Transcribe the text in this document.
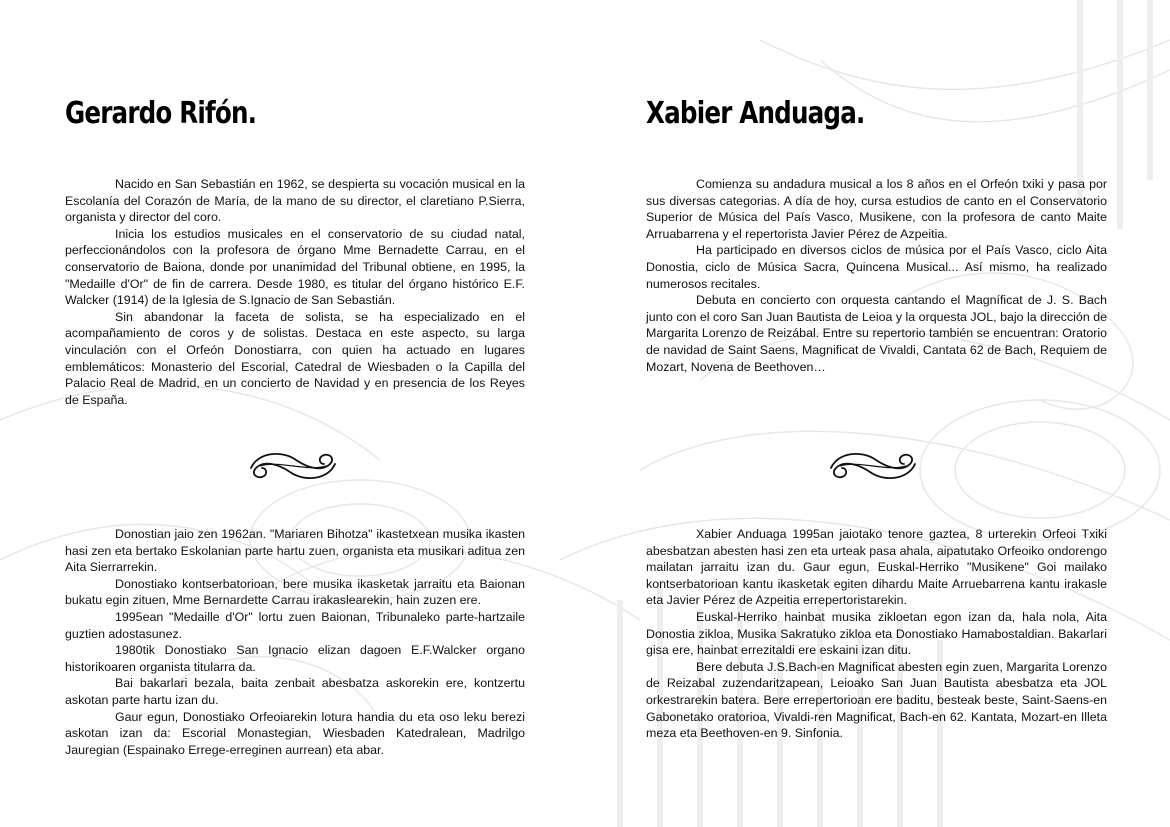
Gerardo Rifón.

Nacido en San Sebastián en 1962, se despierta su vocación musical en la Escolanía del Corazón de María, de la mano de su director, el claretiano P.Sierra, organista y director del coro.

Inicia los estudios musicales en el conservatorio de su ciudad natal, perfeccionándolos con la profesora de órgano Mme Bernadette Carrau, en el conservatorio de Baiona, donde por unanimidad del Tribunal obtiene, en 1995, la "Medaille d'Or" de fin de carrera. Desde 1980, es titular del órgano histórico E.F. Walcker (1914) de la Iglesia de S.Ignacio de San Sebastián.

Sin abandonar la faceta de solista, se ha especializado en el acompañamiento de coros y de solistas. Destaca en este aspecto, su larga vinculación con el Orfeón Donostiarra, con quien ha actuado en lugares emblemáticos: Monasterio del Escorial, Catedral de Wiesbaden o la Capilla del Palacio Real de Madrid, en un concierto de Navidad y en presencia de los Reyes de España.

Donostian jaio zen 1962an. "Mariaren Bihotza" ikastetxean musika ikasten hasi zen eta bertako Eskolanian parte hartu zuen, organista eta musikari aditua zen Aita Sierrarrekin.

Donostiako kontserbatorioan, bere musika ikasketak jarraitu eta Baionan bukatu egin zituen, Mme Bernardette Carrau irakaslearekin, hain zuzen ere.

1995ean "Medaille d'Or" lortu zuen Baionan, Tribunaleko parte-hartzaile guztien adostasunez.

1980tik Donostiako San Ignacio elizan dagoen E.F.Walcker organo historikoaren organista titularra da.

Bai bakarlari bezala, baita zenbait abesbatza askorekin ere, kontzertu askotan parte hartu izan du.

Gaur egun, Donostiako Orfeoiarekin lotura handia du eta oso leku berezi askotan izan da: Escorial Monastegian, Wiesbaden Katedralean, Madrilgo Jauregian (Espainako Errege-erreginen aurrean) eta abar.

Xabier Anduaga.

Comienza su andadura musical a los 8 años en el Orfeón txiki y pasa por sus diversas categorias. A día de hoy, cursa estudios de canto en el Conservatorio Superior de Música del País Vasco, Musikene, con la profesora de canto Maite Arruabarrena y el repertorista Javier Pérez de Azpeitia.

Ha participado en diversos ciclos de música por el País Vasco, ciclo Aita Donostia, ciclo de Música Sacra, Quincena Musical... Así mismo, ha realizado numerosos recitales.

Debuta en concierto con orquesta cantando el Magníficat de J. S. Bach junto con el coro San Juan Bautista de Leioa y la orquesta JOL, bajo la dirección de Margarita Lorenzo de Reizábal. Entre su repertorio también se encuentran: Oratorio de navidad de Saint Saens, Magnificat de Vivaldi, Cantata 62 de Bach, Requiem de Mozart, Novena de Beethoven…

Xabier Anduaga 1995an jaiotako tenore gaztea, 8 urterekin Orfeoi Txiki abesbatzan abesten hasi zen eta urteak pasa ahala, aipatutako Orfeoiko ondorengo mailatan jarraitu izan du. Gaur egun, Euskal-Herriko "Musikene" Goi mailako kontserbatorioan kantu ikasketak egiten dihardu Maite Arruebarrena kantu irakasle eta Javier Pérez de Azpeitia errepertoristarekin.

Euskal-Herriko hainbat musika zikloetan egon izan da, hala nola, Aita Donostia zikloa, Musika Sakratuko zikloa eta Donostiako Hamabostaldian. Bakarlari gisa ere, hainbat errezitaldi ere eskaini izan ditu.

Bere debuta J.S.Bach-en Magnificat abesten egin zuen, Margarita Lorenzo de Reizabal zuzendaritzapean, Leioako San Juan Bautista abesbatza eta JOL orkestrarekin batera. Bere errepertorioan ere baditu, besteak beste, Saint-Saens-en Gabonetako oratorioa, Vivaldi-ren Magnificat, Bach-en 62. Kantata, Mozart-en Illeta meza eta Beethoven-en 9. Sinfonia.
